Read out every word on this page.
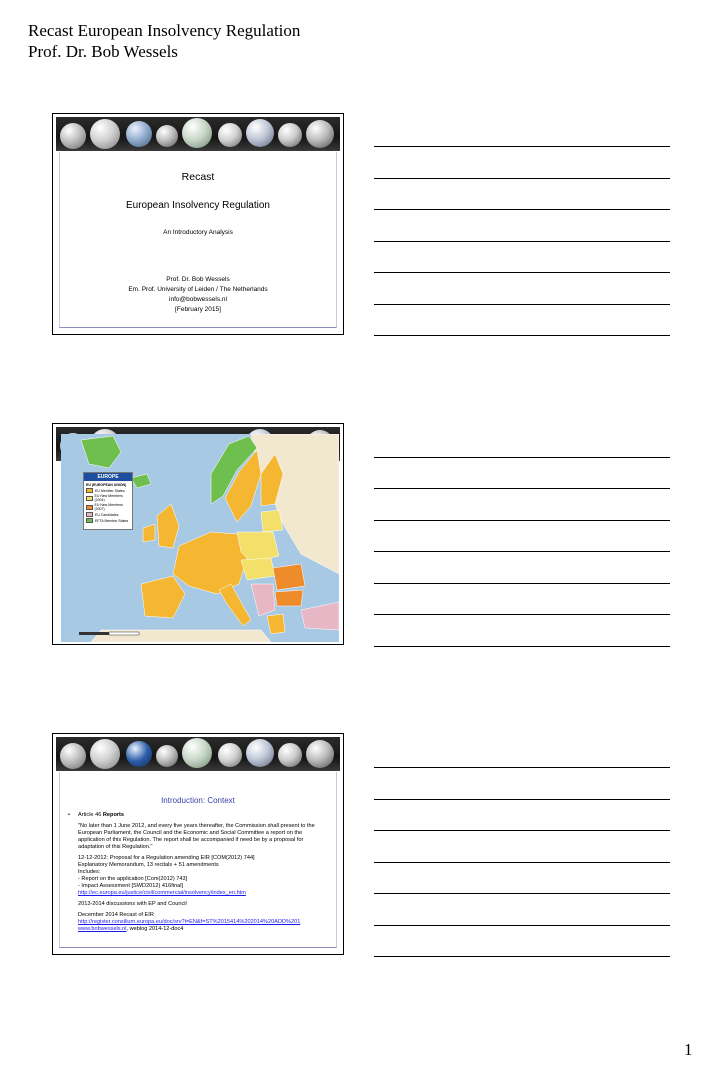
Recast European Insolvency Regulation
Prof. Dr. Bob Wessels
Recast
European Insolvency Regulation
An Introductory Analysis
Prof. Dr. Bob Wessels
Em. Prof. University of Leiden / The Netherlands
info@bobwessels.nl
[February 2015]
EUROPE
EU (EUROPEAN UNION)
EU Member States
EU New Members (2004)
EU New Members (2007)
EU Candidates
EFTA Member States
Introduction: Context
•	Article 46 Reports
"No later than 1 June 2012, and every five years thereafter, the Commission shall present to the European Parliament, the Council and the Economic and Social Committee a report on the application of this Regulation. The report shall be accompanied if need be by a proposal for adaptation of this Regulation."
12-12-2012: Proposal for a Regulation amending EIR [COM(2012) 744]
Explanatory Memorandum, 13 recitals + 51 amendments
Includes:
- Report on the application [Com(2012) 743]
- Impact Assessment [SWD2012) 416final]
http://ec.europa.eu/justice/civil/commercial/insolvency/index_en.htm
2013-2014 discussions with EP and Council
December 2014 Recast of EIR
http://register.consilium.europa.eu/doc/srv?l=EN&f=ST%2015414%202014%20ADD%201
www.bobwessels.nl, weblog 2014-12-doc4
1
